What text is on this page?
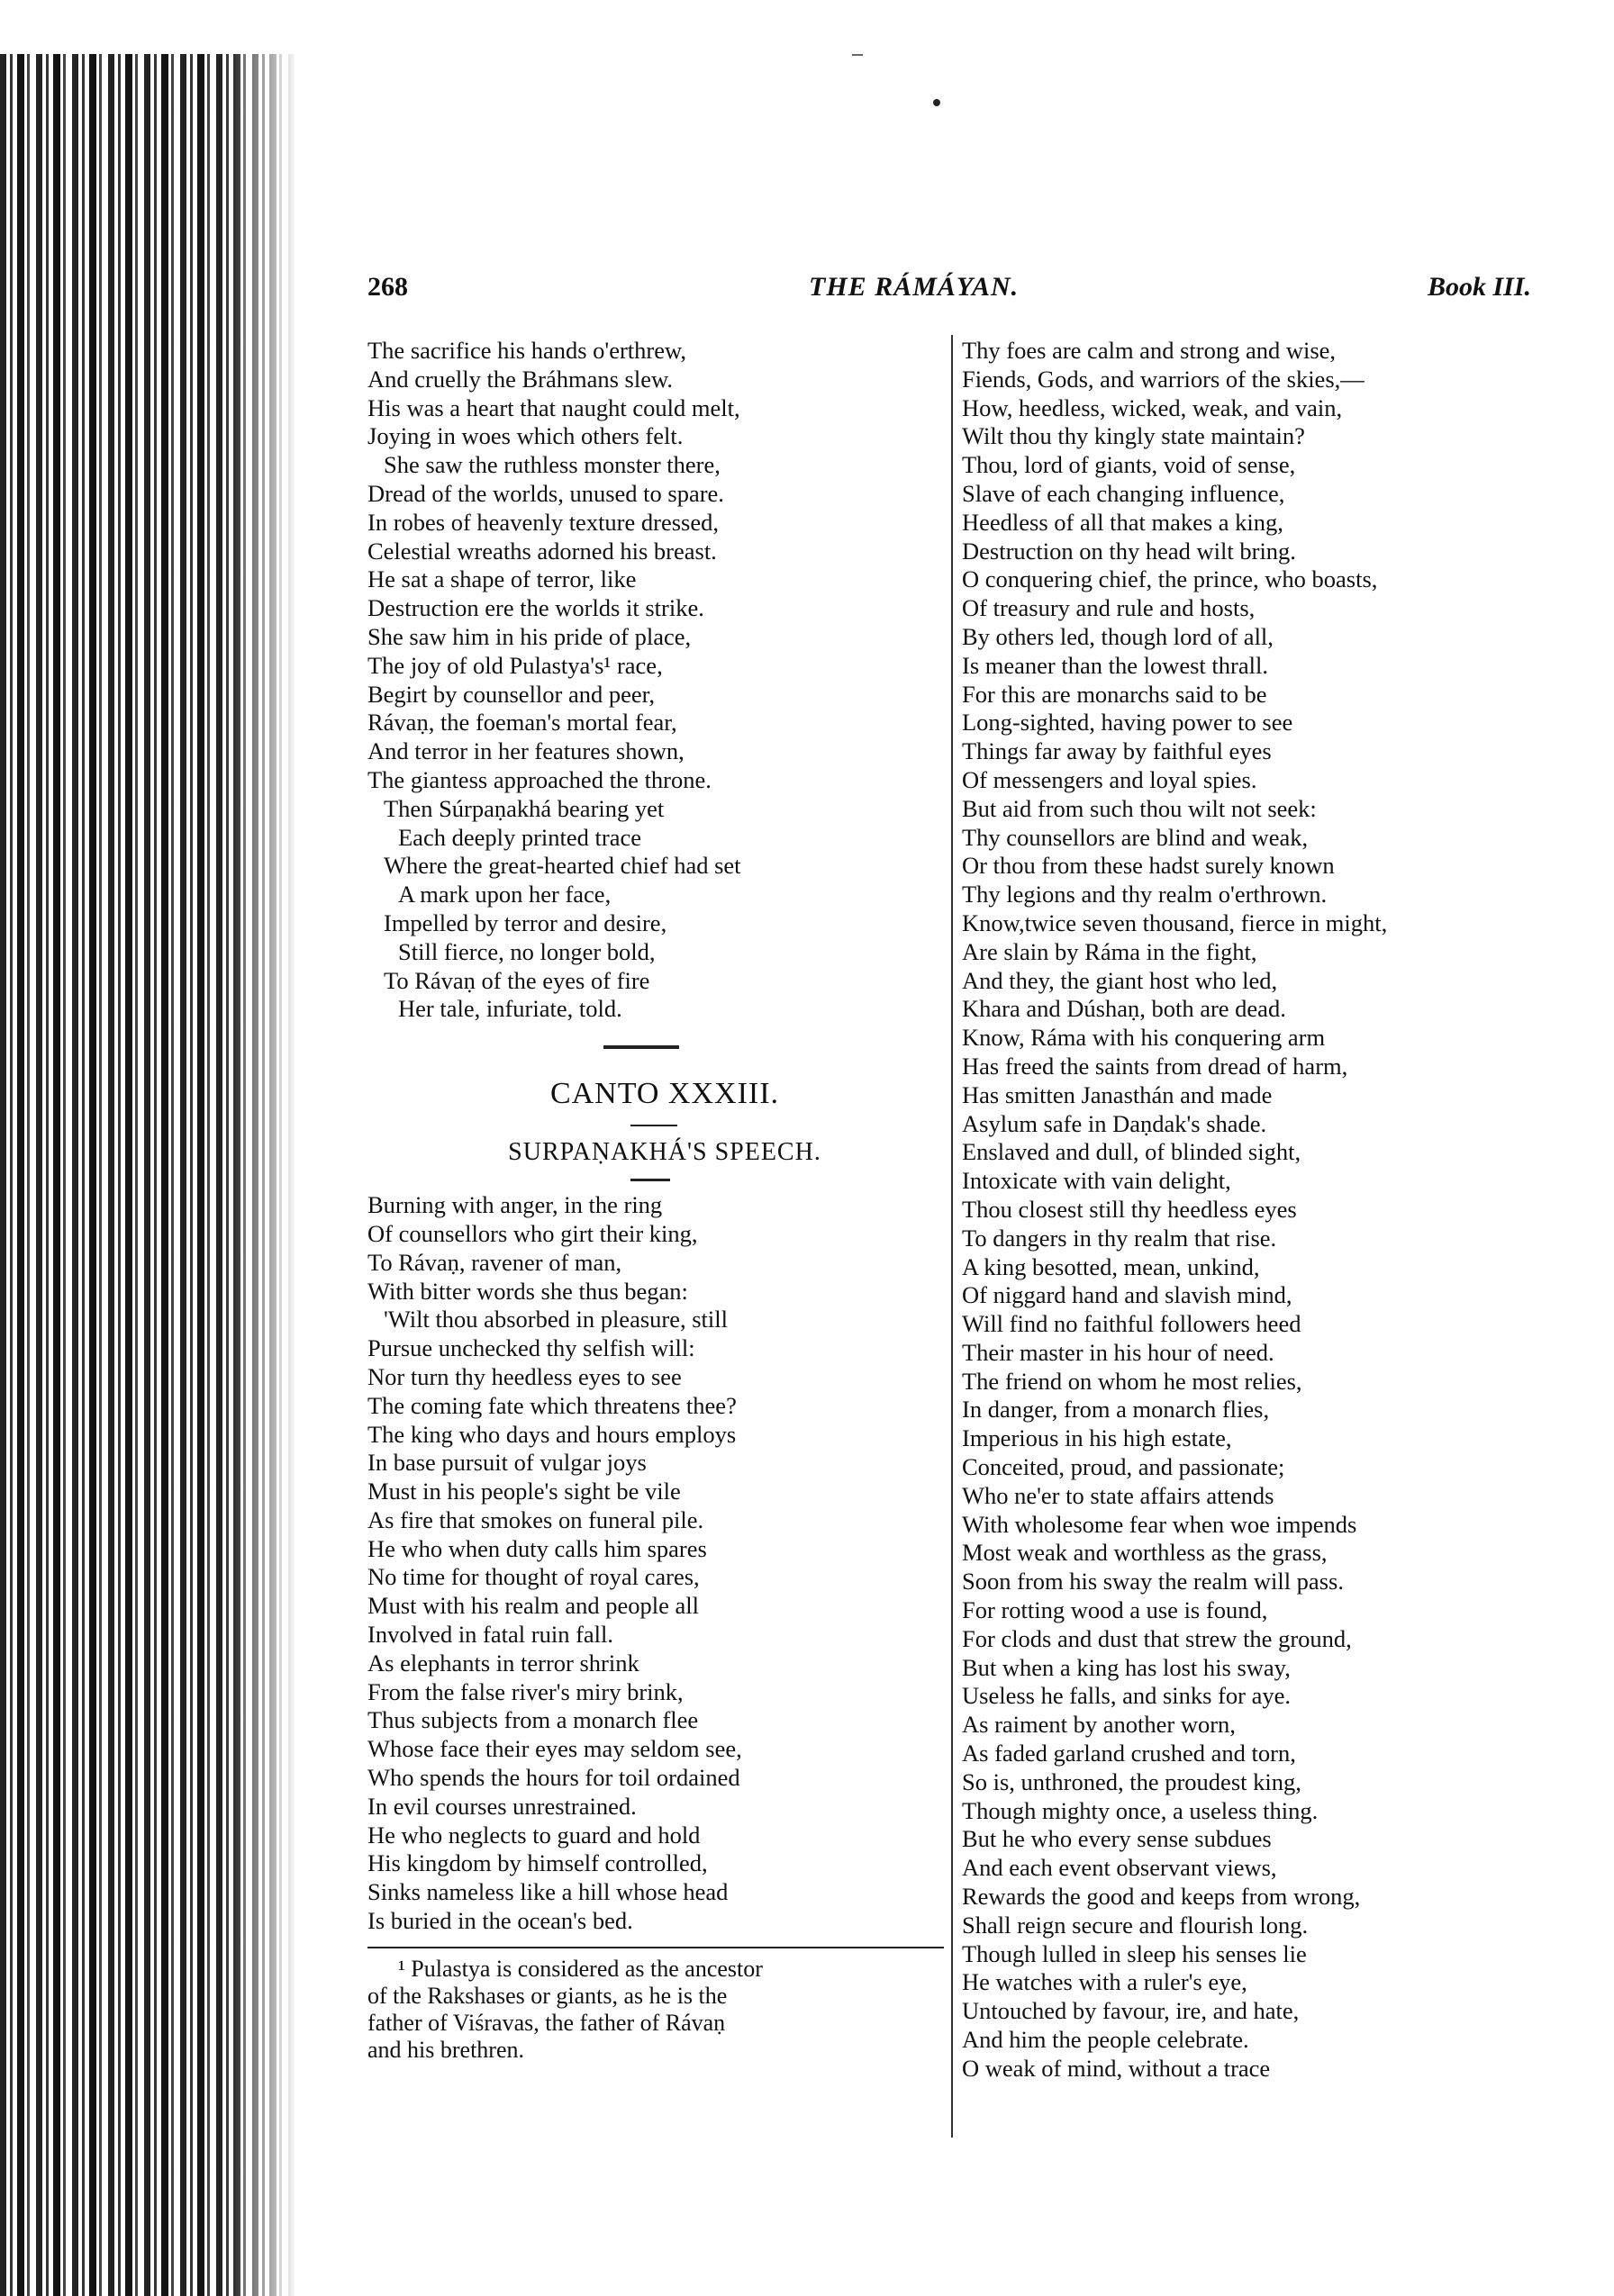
268	THE RÁMÁYAN.	Book III.
The sacrifice his hands o'erthrew,
And cruelly the Bráhmans slew.
His was a heart that naught could melt,
Joying in woes which others felt.
She saw the ruthless monster there,
Dread of the worlds, unused to spare.
In robes of heavenly texture dressed,
Celestial wreaths adorned his breast.
He sat a shape of terror, like
Destruction ere the worlds it strike.
She saw him in his pride of place,
The joy of old Pulastya's¹ race,
Begirt by counsellor and peer,
Rávaṇ, the foeman's mortal fear,
And terror in her features shown,
The giantess approached the throne.
Then Súrpaṇakhá bearing yet
Each deeply printed trace
Where the great-hearted chief had set
A mark upon her face,
Impelled by terror and desire,
Still fierce, no longer bold,
To Rávaṇ of the eyes of fire
Her tale, infuriate, told.
CANTO XXXIII.
SURPAṆAKHÁ'S SPEECH.
Burning with anger, in the ring
Of counsellors who girt their king,
To Rávaṇ, ravener of man,
With bitter words she thus began:
'Wilt thou absorbed in pleasure, still
Pursue unchecked thy selfish will:
Nor turn thy heedless eyes to see
The coming fate which threatens thee?
The king who days and hours employs
In base pursuit of vulgar joys
Must in his people's sight be vile
As fire that smokes on funeral pile.
He who when duty calls him spares
No time for thought of royal cares,
Must with his realm and people all
Involved in fatal ruin fall.
As elephants in terror shrink
From the false river's miry brink,
Thus subjects from a monarch flee
Whose face their eyes may seldom see,
Who spends the hours for toil ordained
In evil courses unrestrained.
He who neglects to guard and hold
His kingdom by himself controlled,
Sinks nameless like a hill whose head
Is buried in the ocean's bed.
¹ Pulastya is considered as the ancestor
of the Rakshases or giants, as he is the
father of Viśravas, the father of Rávaṇ
and his brethren.
Thy foes are calm and strong and wise,
Fiends, Gods, and warriors of the skies,—
How, heedless, wicked, weak, and vain,
Wilt thou thy kingly state maintain?
Thou, lord of giants, void of sense,
Slave of each changing influence,
Heedless of all that makes a king,
Destruction on thy head wilt bring.
O conquering chief, the prince, who boasts,
Of treasury and rule and hosts,
By others led, though lord of all,
Is meaner than the lowest thrall.
For this are monarchs said to be
Long-sighted, having power to see
Things far away by faithful eyes
Of messengers and loyal spies.
But aid from such thou wilt not seek:
Thy counsellors are blind and weak,
Or thou from these hadst surely known
Thy legions and thy realm o'erthrown.
Know,twice seven thousand, fierce in might,
Are slain by Ráma in the fight,
And they, the giant host who led,
Khara and Dúshaṇ, both are dead.
Know, Ráma with his conquering arm
Has freed the saints from dread of harm,
Has smitten Janasthán and made
Asylum safe in Daṇdak's shade.
Enslaved and dull, of blinded sight,
Intoxicate with vain delight,
Thou closest still thy heedless eyes
To dangers in thy realm that rise.
A king besotted, mean, unkind,
Of niggard hand and slavish mind,
Will find no faithful followers heed
Their master in his hour of need.
The friend on whom he most relies,
In danger, from a monarch flies,
Imperious in his high estate,
Conceited, proud, and passionate;
Who ne'er to state affairs attends
With wholesome fear when woe impends
Most weak and worthless as the grass,
Soon from his sway the realm will pass.
For rotting wood a use is found,
For clods and dust that strew the ground,
But when a king has lost his sway,
Useless he falls, and sinks for aye.
As raiment by another worn,
As faded garland crushed and torn,
So is, unthroned, the proudest king,
Though mighty once, a useless thing.
But he who every sense subdues
And each event observant views,
Rewards the good and keeps from wrong,
Shall reign secure and flourish long.
Though lulled in sleep his senses lie
He watches with a ruler's eye,
Untouched by favour, ire, and hate,
And him the people celebrate.
O weak of mind, without a trace
